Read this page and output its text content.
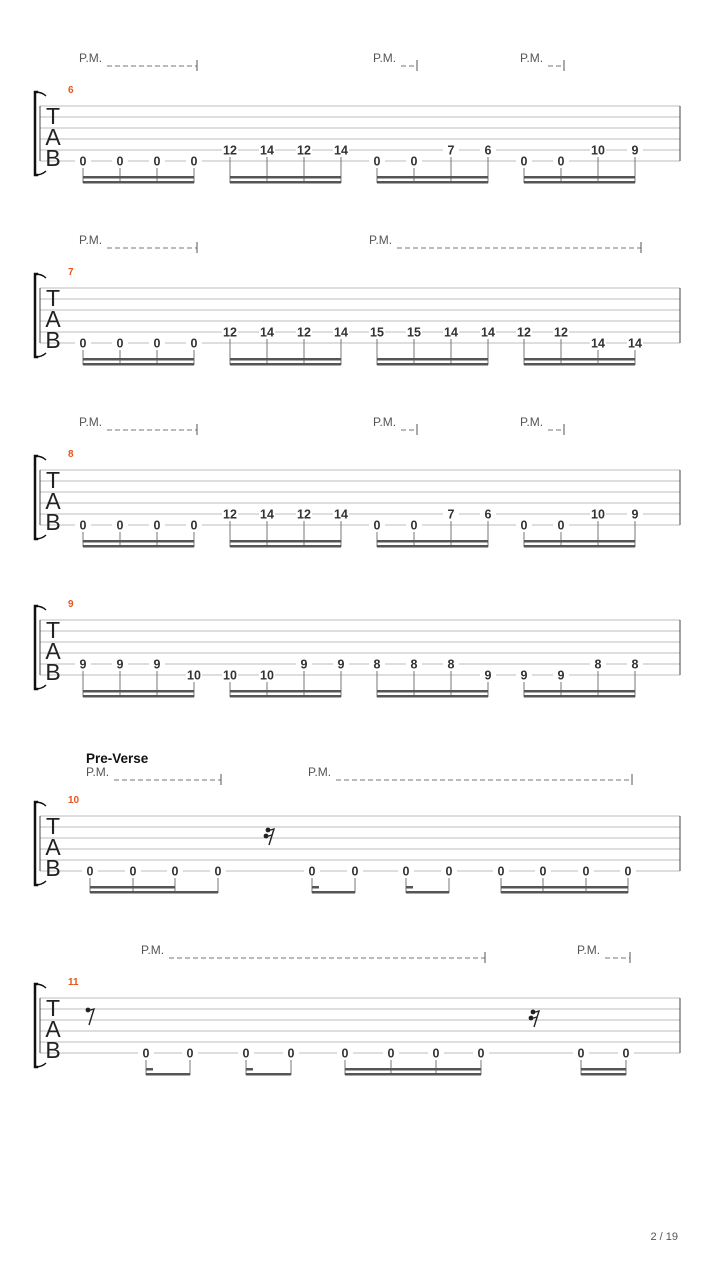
P.M.	P.M.	P.M.
6
T
A
B 0 0 0 0
12 14 12 14
0 0
7 6
0 0
10 9
P.M.	P.M.
7
T
A
B 0 0 0 0
12 14 12 14 15 15 14 14 12 12
14 14
P.M.	P.M.	P.M.
8
T
A
B 0 0 0 0
12 14 12 14
0 0
7 6
0 0
10 9
9
T
A
B 9 9 9
10 10 10
9 9 8 8 8
9 9 9
8 8
Pre-Verse
P.M.	P.M.
10
T
A
B 0	0	0	0	0	0	0	0	0	0	0	0
P.M.	P.M.
11
T
A
B	0	0	0	0	0	0	0	0	0	0
2 / 19
